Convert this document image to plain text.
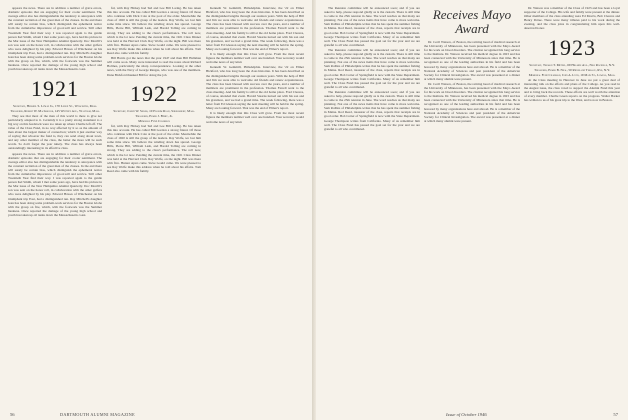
appears the news. There are in addition a number of grave errors, dramatic episodes that are engaging for their cooler sentiment. The average editor also has distinguishable the tendency to annoyance with the constant recitation of the great men of the classes. In the end there will surely be certain bias, which distinguish the ephemeral notice from the cumulative importance of good-will and service. Still other Twentieth Year find their way. I was reported again to the gentle person Kel Smith, whom I met some years ago, have had his picture in the Mar issue of the New Hampshire Alumni Quarterly. Doc Morrill's son was sent on the honor roll, in collaboration with the other golfers who were delighted by his play. Edward Hawes of Winchester on his triumphant trip East, had a distinguished run. Ray Mitchell's daughter Jean has been doing some problem-work services for the Boston Globe with the group on fire, which, with the footwork was the Summer business. Once reported the damage of the young high school and youth has taken up oil tanks down the Massachusetts coast.

1921

Secretary, Hershel S. Lyman Jr., 170 Lenox St., Worcester, Mass.

Treasurer, Robert W. MacGregor, 145 Whitney Ave., Waltham, Mass.

They see that most of the men of this world is there to give not particularly adapted to it. Certainly it is a pretty strong statement to a big way on this feedstock were too taken up where Charlie left off. The value of the Class Fund, in no way affected by it so as the amount of men about the largest maker of connection; which it just another way of saying that whoever the fund is, they can send along about town, and any other member of the class, the better the more will be such words. So don't forget the year ninety. The class has always been outstandingly interesting in its effective class.

appears the news. There are in addition a number of grave errors, dramatic episodes that are engaging for their cooler sentiment. The average editor also has distinguishable the tendency to annoyance with the constant recitation of the great men of the classes. In the end there will surely be certain bias, which distinguish the ephemeral notice from the cumulative importance of good-will and service. Still other Twentieth Year find their way. I was reported again to the gentle person Kel Smith, whom I met some years ago, have had his picture in the Mar issue of the New Hampshire Alumni Quarterly. Doc Morrill's son was sent on the honor roll, in collaboration with the other golfers who were delighted by his play. Edward Hawes of Winchester on his triumphant trip East, had a distinguished run. Ray Mitchell's daughter Jean has been doing some problem-work services for the Boston Globe with the group on fire, which, with the footwork was the Summer business. Once reported the damage of the young high school and youth has taken up oil tanks down the Massachusetts coast.

ful, with Ray Hickey had Ted and Lee Bill Loring. He has taken this into account. He has called Bill Gordon a strong friend. Of those who continue with Dick Cole at the pool of the older. Meanwhile the class of 1920 is still the group of the leaders. Ray Wolfe, we lost him some time since. We believe the winding down has spread. George Bills, Pierre Hill, William Lash, and Harold Tolling are coming in strong. They are adding to the class's performance. The roll now, which is the lot now. Pending the current time, the 1921 Class Dinner was held at the Harvard Club. Ray Wolfe, on the night. Bill was there with five. Hunter Ayers came. Steve Gould came. We were pleased to see Ray Wolfe make this address when he told about his affairs. Tom Reed also came with his family.

Bill Harris got the news that the year 1947 and then Bill Hallahan will come soon. Many were interested to read the notes about Richard Holmes, particularly the sharp correspondence. Looking at the other news, with the Navy of George Ranges, who was one of the members. Dana Bickford thanked Bill for doing the job.

1922

Secretary, Joseph W. Seiler, 10 Pilgrim Road, Shrewsbury, Mass.

Treasurer, Elmer J. Bixby, Jr.

Memorial Fund Chairman

ful, with Ray Hickey had Ted and Lee Bill Loring. He has taken this into account. He has called Bill Gordon a strong friend. Of those who continue with Dick Cole at the pool of the older. Meanwhile the class of 1920 is still the group of the leaders. Ray Wolfe, we lost him some time since. We believe the winding down has spread. George Bills, Pierre Hill, William Lash, and Harold Tolling are coming in strong. They are adding to the class's performance. The roll now, which is the lot now. Pending the current time, the 1921 Class Dinner was held at the Harvard Club. Ray Wolfe, on the night. Bill was there with five. Hunter Ayers came. Steve Gould came. We were pleased to see Ray Wolfe make this address when he told about his affairs. Tom Reed also came with his family.

Kenneth W. Gemmill, Philadelphia. Interview, the '22 on Elmer Bickford, who has long been the class historian. It has been described as the distinguished lengths through our reunion years. With the help of Bill and Jim we were able to welcome old friends and renew acquaintances. The class has been blessed with success over the years, and a number of members are prominent in the profession. Thomas Farrell went to the class meeting. And his family is still at the old home place. Fred Cleaves, of course, attended that event. Harold Stearns turned out with his son and his grandson, and we had a grand time. The week following, there was a letter from Ed Gleason saying the next meeting will be held in the spring. Many are looking forward. That was the end of Elmer's report.

It is likely enough that this Class will grow. From the most recent figures the members number well over one hundred. Your secretary would welcome news of any kind.

Kenneth W. Gemmill, Philadelphia. Interview, the '22 on Elmer Bickford, who has long been the class historian. It has been described as the distinguished lengths through our reunion years. With the help of Bill and Jim we were able to welcome old friends and renew acquaintances. The class has been blessed with success over the years, and a number of members are prominent in the profession. Thomas Farrell went to the class meeting. And his family is still at the old home place. Fred Cleaves, of course, attended that event. Harold Stearns turned out with his son and his grandson, and we had a grand time. The week following, there was a letter from Ed Gleason saying the next meeting will be held in the spring. Many are looking forward. That was the end of Elmer's report.

It is likely enough that this Class will grow. From the most recent figures the members number well over one hundred. Your secretary would welcome news of any kind.

56	DARTMOUTH ALUMNI MAGAZINE

The Reunion committee will be announced soon; and if you are asked to help, please respond gladly as is the custom. There is still time to come to the 25th reunion in June. The word reaches us that many are planning. Not one of the news items that have come is more welcome. Sam Rollins of Philadelphia writes that he has spent the summer fishing in Maine. Rod Reed, treasurer of the class, reports that receipts are in good order. Bob Cotter of Springfield is now with the State Department. George Thompson writes from California. Many of us remember him well. The Class Fund has passed the goal set for the year and we are grateful to all who contributed.

The Reunion committee will be announced soon; and if you are asked to help, please respond gladly as is the custom. There is still time to come to the 25th reunion in June. The word reaches us that many are planning. Not one of the news items that have come is more welcome. Sam Rollins of Philadelphia writes that he has spent the summer fishing in Maine. Rod Reed, treasurer of the class, reports that receipts are in good order. Bob Cotter of Springfield is now with the State Department. George Thompson writes from California. Many of us remember him well. The Class Fund has passed the goal set for the year and we are grateful to all who contributed.

The Reunion committee will be announced soon; and if you are asked to help, please respond gladly as is the custom. There is still time to come to the 25th reunion in June. The word reaches us that many are planning. Not one of the news items that have come is more welcome. Sam Rollins of Philadelphia writes that he has spent the summer fishing in Maine. Rod Reed, treasurer of the class, reports that receipts are in good order. Bob Cotter of Springfield is now with the State Department. George Thompson writes from California. Many of us remember him well. The Class Fund has passed the goal set for the year and we are grateful to all who contributed.

Receives Mayo Award

Dr. Cecil Watson, of Boston, the retiring head of medical research at the University of Minnesota, has been presented with the Mayo Award for his work on blood disorders. The citation recognized his long service to the Institute. Dr. Watson received his medical degree in 1923 and has been connected with the University of Minnesota since that time. He is recognized as one of the leading authorities in his field and has been honored by many organizations here and abroad. He is a member of the National Academy of Sciences and past president of the American Society for Clinical Investigation. The award was presented at a dinner at which many alumni were present.

Dr. Cecil Watson, of Boston, the retiring head of medical research at the University of Minnesota, has been presented with the Mayo Award for his work on blood disorders. The citation recognized his long service to the Institute. Dr. Watson received his medical degree in 1923 and has been connected with the University of Minnesota since that time. He is recognized as one of the leading authorities in his field and has been honored by many organizations here and abroad. He is a member of the National Academy of Sciences and past president of the American Society for Clinical Investigation. The award was presented at a dinner at which many alumni were present.

Dr. Watson was a member of the Class of 1923 and has been a loyal supporter of the College. His wife and family were present at the dinner. Other members of the class attending were Ed Morris, Bob Cleaves and Henry Pettee. There were many tributes paid to his work during the evening, and the class joins in congratulating him upon this well-deserved honor.

1923

Secretary, Truman T. Metzel, 69 Hillside Ave., New Rochelle, N.Y.

Treasurer, Elmer B. Neal, 50 Ridgeland Terrace, Rye, N.Y.

Memorial Fund Chairman, John A. Lyon, 19 Main St., Lowell, Mass.

At the Class meeting in Hanover in June we put a great deal of interesting talk on the efforts and plans of the College. As you read in the August issue, the class voted to support the Alumni Fund this year and to bring back the records. These efforts are well worth the attention of every member. Charlie Green reports on the progress. Walter Barker has written to us of his great trip to the West, and is now in Boston.

57
Issue of October 1946
